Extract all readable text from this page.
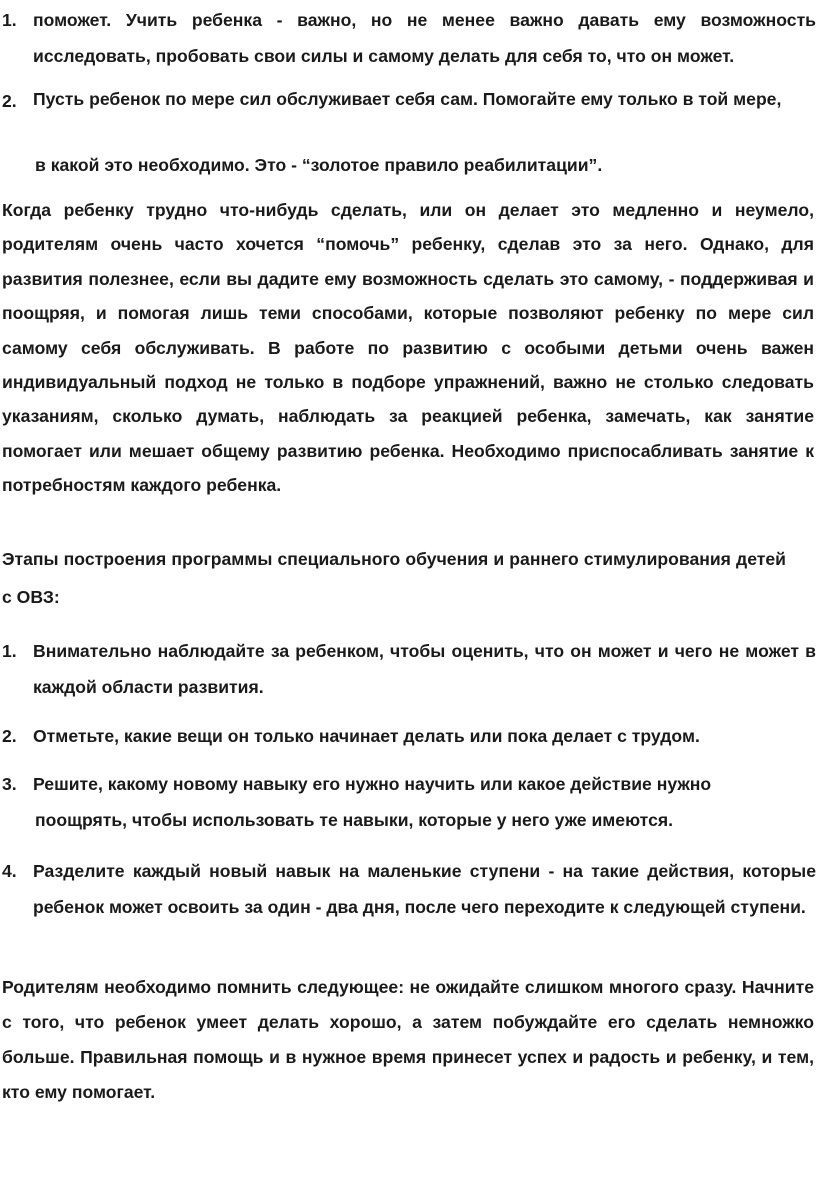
1. поможет. Учить ребенка - важно, но не менее важно давать ему возможность исследовать, пробовать свои силы и самому делать для себя то, что он может.
2. Пусть ребенок по мере сил обслуживает себя сам. Помогайте ему только в той мере,
в какой это необходимо. Это - “золотое правило реабилитации”.
Когда ребенку трудно что-нибудь сделать, или он делает это медленно и неумело, родителям очень часто хочется “помочь” ребенку, сделав это за него. Однако, для развития полезнее, если вы дадите ему возможность сделать это самому, - поддерживая и поощряя, и помогая лишь теми способами, которые позволяют ребенку по мере сил самому себя обслуживать. В работе по развитию с особыми детьми очень важен индивидуальный подход не только в подборе упражнений, важно не столько следовать указаниям, сколько думать, наблюдать за реакцией ребенка, замечать, как занятие помогает или мешает общему развитию ребенка. Необходимо приспосабливать занятие к потребностям каждого ребенка.
Этапы построения программы специального обучения и раннего стимулирования детей с ОВЗ:
1. Внимательно наблюдайте за ребенком, чтобы оценить, что он может и чего не может в каждой области развития.
2. Отметьте, какие вещи он только начинает делать или пока делает с трудом.
3. Решите, какому новому навыку его нужно научить или какое действие нужно
поощрять, чтобы использовать те навыки, которые у него уже имеются.
4. Разделите каждый новый навык на маленькие ступени - на такие действия, которые ребенок может освоить за один - два дня, после чего переходите к следующей ступени.
Родителям необходимо помнить следующее: не ожидайте слишком многого сразу. Начните с того, что ребенок умеет делать хорошо, а затем побуждайте его сделать немножко больше. Правильная помощь и в нужное время принесет успех и радость и ребенку, и тем, кто ему помогает.
